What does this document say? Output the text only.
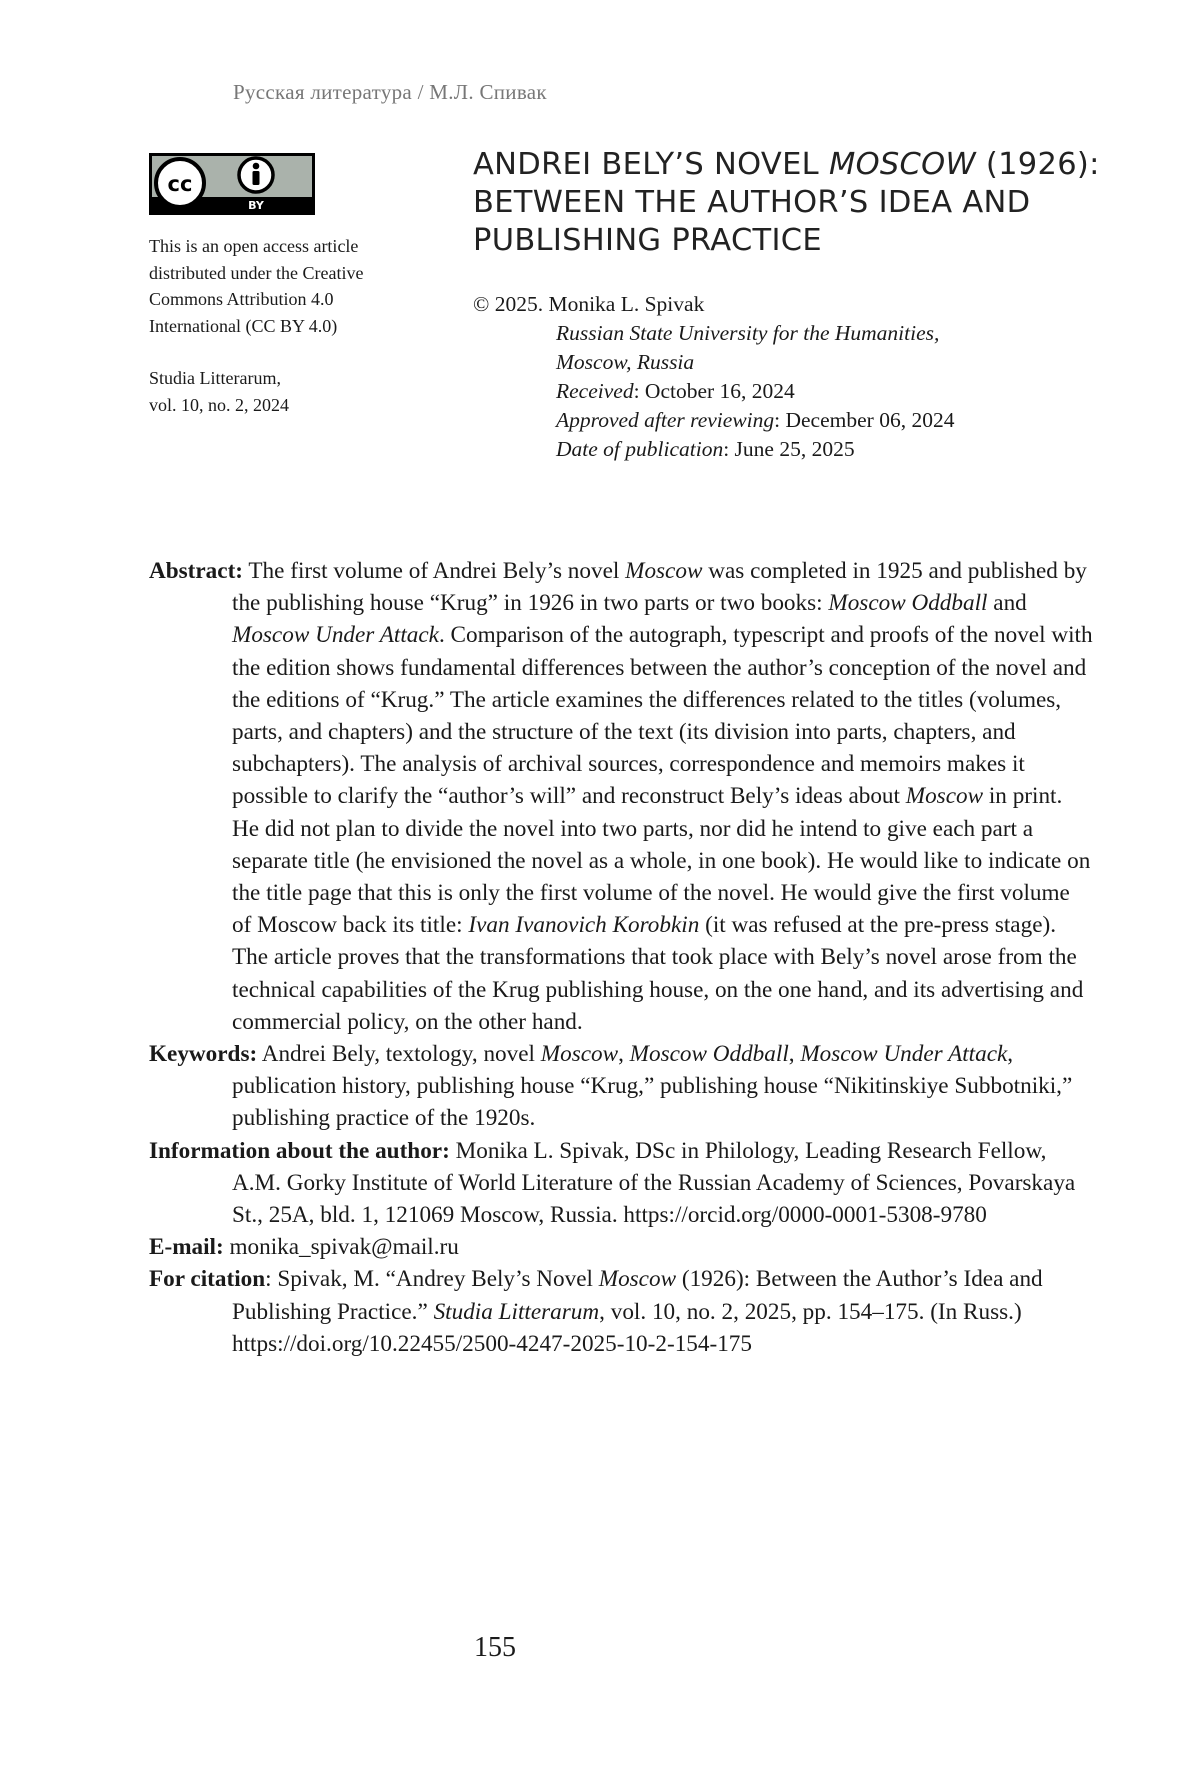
Русская литература / М.Л. Спивак
cc
BY
This is an open access article
distributed under the Creative
Commons Attribution 4.0
International (CC BY 4.0)
Studia Litterarum,
vol. 10, no. 2, 2024
ANDREI BELY’S NOVEL MOSCOW (1926):
BETWEEN THE AUTHOR’S IDEA AND
PUBLISHING PRACTICE
© 2025. Monika L. Spivak
Russian State University for the Humanities,
Moscow, Russia
Received: October 16, 2024
Approved after reviewing: December 06, 2024
Date of publication: June 25, 2025

Abstract: The first volume of Andrei Bely’s novel Moscow was completed in 1925 and published by the publishing house “Krug” in 1926 in two parts or two books: Moscow Oddball and Moscow Under Attack. Comparison of the autograph, typescript and proofs of the novel with the edition shows fundamental differences between the author’s conception of the novel and the editions of “Krug.” The article examines the differences related to the titles (volumes, parts, and chapters) and the structure of the text (its division into parts, chapters, and subchapters). The analysis of archival sources, correspondence and memoirs makes it possible to clarify the “author’s will” and reconstruct Bely’s ideas about Moscow in print. He did not plan to divide the novel into two parts, nor did he intend to give each part a separate title (he envisioned the novel as a whole, in one book). He would like to indicate on the title page that this is only the first volume of the novel. He would give the first volume of Moscow back its title: Ivan Ivanovich Korobkin (it was refused at the pre-press stage). The article proves that the transformations that took place with Bely’s novel arose from the technical capabilities of the Krug publishing house, on the one hand, and its advertising and commercial policy, on the other hand.

Keywords: Andrei Bely, textology, novel Moscow, Moscow Oddball, Moscow Under Attack, publication history, publishing house “Krug,” publishing house “Nikitinskiye Subbotniki,” publishing practice of the 1920s.

Information about the author: Monika L. Spivak, DSc in Philology, Leading Research Fellow, A.M. Gorky Institute of World Literature of the Russian Academy of Sciences, Povarskaya St., 25A, bld. 1, 121069 Moscow, Russia. https://orcid.org/0000-0001-5308-9780

E-mail: monika_spivak@mail.ru

For citation: Spivak, M. “Andrey Bely’s Novel Moscow (1926): Between the Author’s Idea and Publishing Practice.” Studia Litterarum, vol. 10, no. 2, 2025, pp. 154–175. (In Russ.) https://doi.org/10.22455/2500-4247-2025-10-2-154-175

155
